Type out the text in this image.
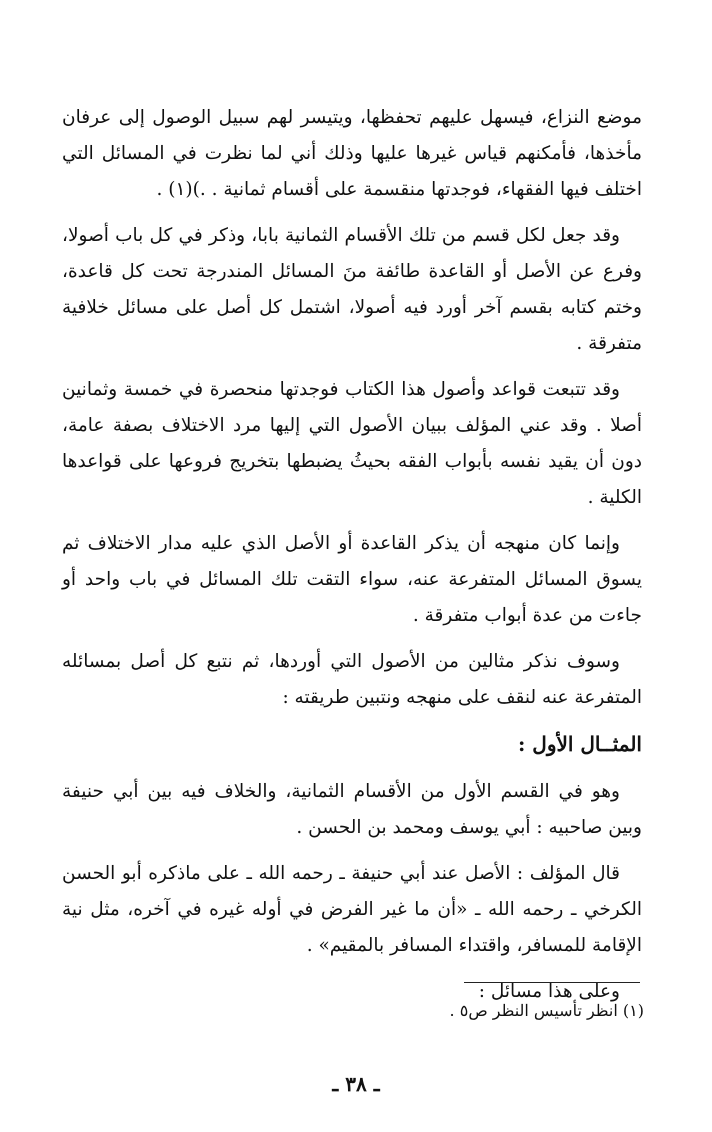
موضع النزاع، فيسهل عليهم تحفظها، ويتيسر لهم سبيل الوصول إلى عرفان مأخذها، فأمكنهم قياس غيرها عليها وذلك أني لما نظرت في المسائل التي اختلف فيها الفقهاء، فوجدتها منقسمة على أقسام ثمانية . .)(١) .

وقد جعل لكل قسم من تلك الأقسام الثمانية بابا، وذكر في كل باب أصولا، وفرع عن الأصل أو القاعدة طائفة منَ المسائل المندرجة تحت كل قاعدة، وختم كتابه بقسم آخر أورد فيه أصولا، اشتمل كل أصل على مسائل خلافية متفرقة .

وقد تتبعت قواعد وأصول هذا الكتاب فوجدتها منحصرة في خمسة وثمانين أصلا . وقد عني المؤلف ببيان الأصول التي إليها مرد الاختلاف بصفة عامة، دون أن يقيد نفسه بأبواب الفقه بحيثُ يضبطها بتخريج فروعها على قواعدها الكلية .

وإنما كان منهجه أن يذكر القاعدة أو الأصل الذي عليه مدار الاختلاف ثم يسوق المسائل المتفرعة عنه، سواء التقت تلك المسائل في باب واحد أو جاءت من عدة أبواب متفرقة .

وسوف نذكر مثالين من الأصول التي أوردها، ثم نتبع كل أصل بمسائله المتفرعة عنه لنقف على منهجه ونتبين طريقته :

المثــال الأول :

وهو في القسم الأول من الأقسام الثمانية، والخلاف فيه بين أبي حنيفة وبين صاحبيه : أبي يوسف ومحمد بن الحسن .

قال المؤلف : الأصل عند أبي حنيفة ـ رحمه الله ـ على ماذكره أبو الحسن الكرخي ـ رحمه الله ـ «أن ما غير الفرض في أوله غيره في آخره، مثل نية الإقامة للمسافر، واقتداء المسافر بالمقيم» .

وعلى هذا مسائل :

(١) انظر تأسيس النظر ص٥ .
ـ ٣٨ ـ
